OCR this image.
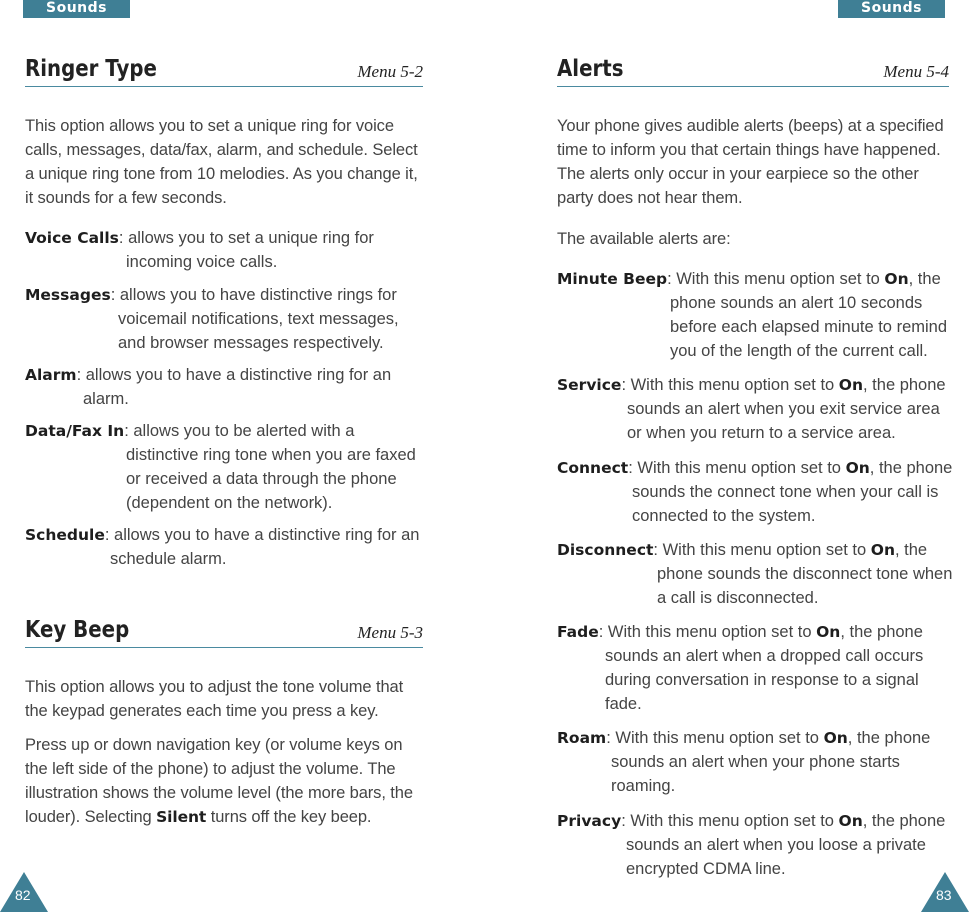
Sounds	Sounds
Ringer Type	Menu 5-2
This option allows you to set a unique ring for voice
calls, messages, data/fax, alarm, and schedule. Select
a unique ring tone from 10 melodies. As you change it,
it sounds for a few seconds.
Voice Calls: allows you to set a unique ring for
incoming voice calls.
Messages: allows you to have distinctive rings for
voicemail notifications, text messages,
and browser messages respectively.
Alarm: allows you to have a distinctive ring for an
alarm.
Data/Fax In: allows you to be alerted with a
distinctive ring tone when you are faxed
or received a data through the phone
(dependent on the network).
Schedule: allows you to have a distinctive ring for an
schedule alarm.
Key Beep	Menu 5-3
This option allows you to adjust the tone volume that
the keypad generates each time you press a key.
Press up or down navigation key (or volume keys on
the left side of the phone) to adjust the volume. The
illustration shows the volume level (the more bars, the
louder). Selecting Silent turns off the key beep.
Alerts	Menu 5-4
Your phone gives audible alerts (beeps) at a specified
time to inform you that certain things have happened.
The alerts only occur in your earpiece so the other
party does not hear them.
The available alerts are:
Minute Beep: With this menu option set to On, the
phone sounds an alert 10 seconds
before each elapsed minute to remind
you of the length of the current call.
Service: With this menu option set to On, the phone
sounds an alert when you exit service area
or when you return to a service area.
Connect: With this menu option set to On, the phone
sounds the connect tone when your call is
connected to the system.
Disconnect: With this menu option set to On, the
phone sounds the disconnect tone when
a call is disconnected.
Fade: With this menu option set to On, the phone
sounds an alert when a dropped call occurs
during conversation in response to a signal
fade.
Roam: With this menu option set to On, the phone
sounds an alert when your phone starts
roaming.
Privacy: With this menu option set to On, the phone
sounds an alert when you loose a private
encrypted CDMA line.
82	83
